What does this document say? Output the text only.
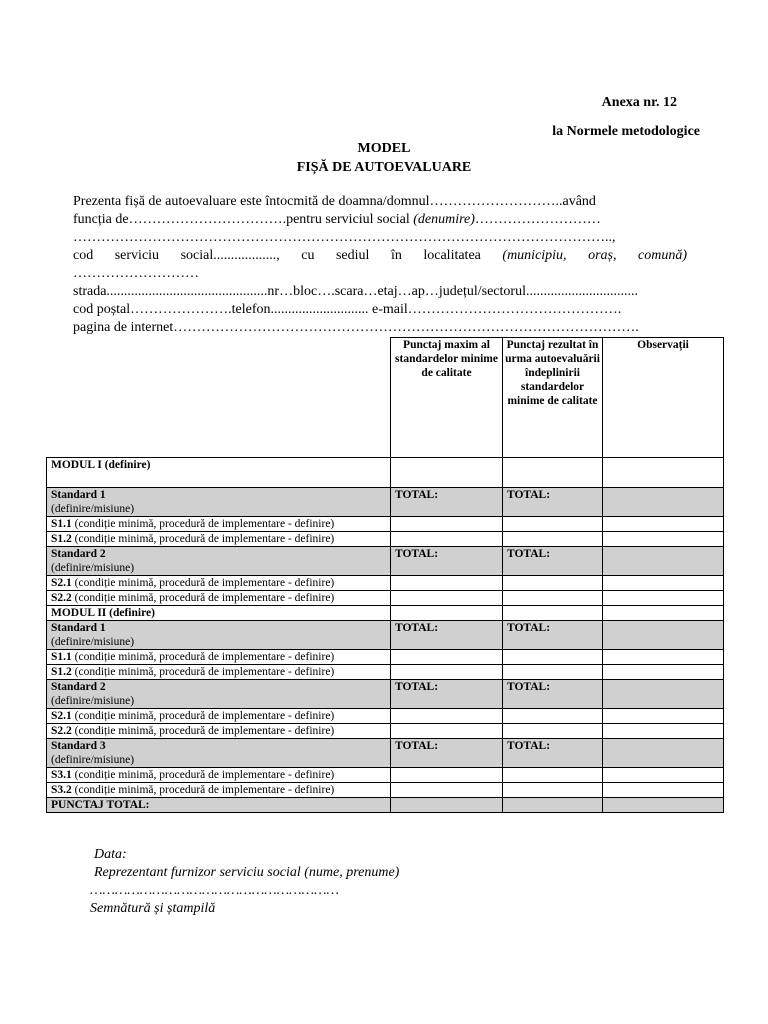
Anexa nr. 12
la Normele metodologice
MODEL
FIȘĂ DE AUTOEVALUARE
Prezenta fișă de autoevaluare este întocmită de doamna/domnul………………………..având
funcția de…………………………….pentru serviciul social (denumire)………………………
……………………………………………………………………………………………………..,
cod serviciu social.................., cu sediul în localitatea (municipiu, oraș, comună)
………………………
strada..............................................nr…bloc….scara…etaj…ap…județul/sectorul................................
cod poștal………………….telefon............................ e-mail……………………………………….
pagina de internet……………………………………………………………………………………….
	Punctaj maxim al standardelor minime de calitate	Punctaj rezultat în urma autoevaluării îndeplinirii standardelor minime de calitate	Observații
MODUL I (definire)			
Standard 1
(definire/misiune)	TOTAL:	TOTAL:	
S1.1 (condiție minimă, procedură de implementare - definire)			
S1.2 (condiție minimă, procedură de implementare - definire)			
Standard 2
(definire/misiune)	TOTAL:	TOTAL:	
S2.1 (condiție minimă, procedură de implementare - definire)			
S2.2 (condiție minimă, procedură de implementare - definire)			
MODUL II (definire)			
Standard 1
(definire/misiune)	TOTAL:	TOTAL:	
S1.1 (condiție minimă, procedură de implementare - definire)			
S1.2 (condiție minimă, procedură de implementare - definire)			
Standard 2
(definire/misiune)	TOTAL:	TOTAL:	
S2.1 (condiție minimă, procedură de implementare - definire)			
S2.2 (condiție minimă, procedură de implementare - definire)			
Standard 3
(definire/misiune)	TOTAL:	TOTAL:	
S3.1 (condiție minimă, procedură de implementare - definire)			
S3.2 (condiție minimă, procedură de implementare - definire)			
PUNCTAJ TOTAL:			
Data:
Reprezentant furnizor serviciu social (nume, prenume)
……………………………………………………
Semnătură și ștampilă
